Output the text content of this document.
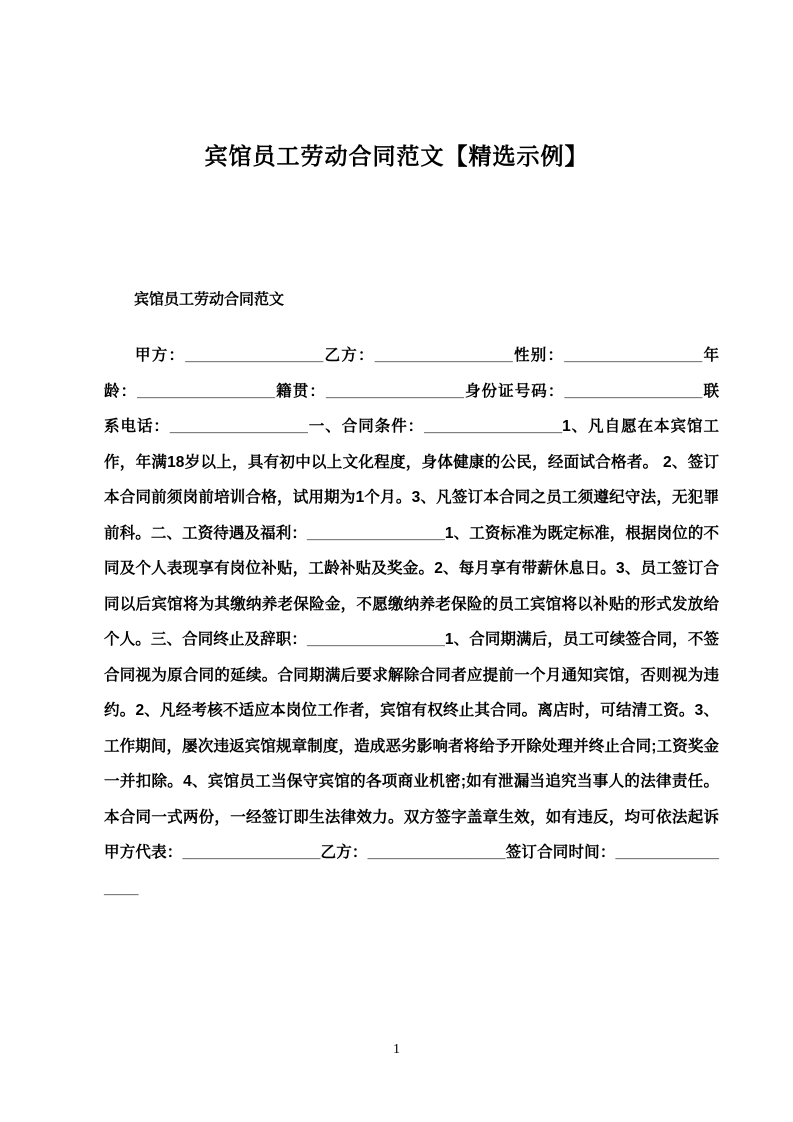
宾馆员工劳动合同范文【精选示例】

宾馆员工劳动合同范文

甲方：________________乙方：________________性别：________________年龄：________________籍贯：________________身份证号码：________________联系电话：________________一、合同条件：________________1、凡自愿在本宾馆工作，年满18岁以上，具有初中以上文化程度，身体健康的公民，经面试合格者。 2、签订本合同前须岗前培训合格，试用期为1个月。3、凡签订本合同之员工须遵纪守法，无犯罪前科。二、工资待遇及福利：________________1、工资标准为既定标准，根据岗位的不同及个人表现享有岗位补贴，工龄补贴及奖金。2、每月享有带薪休息日。3、员工签订合同以后宾馆将为其缴纳养老保险金，不愿缴纳养老保险的员工宾馆将以补贴的形式发放给个人。三、合同终止及辞职：________________1、合同期满后，员工可续签合同，不签合同视为原合同的延续。合同期满后要求解除合同者应提前一个月通知宾馆，否则视为违约。2、凡经考核不适应本岗位工作者，宾馆有权终止其合同。离店时，可结清工资。3、工作期间，屡次违返宾馆规章制度，造成恶劣影响者将给予开除处理并终止合同;工资奖金一并扣除。4、宾馆员工当保守宾馆的各项商业机密;如有泄漏当追究当事人的法律责任。本合同一式两份，一经签订即生法律效力。双方签字盖章生效，如有违反，均可依法起诉甲方代表：________________乙方：________________签订合同时间：________________

1
